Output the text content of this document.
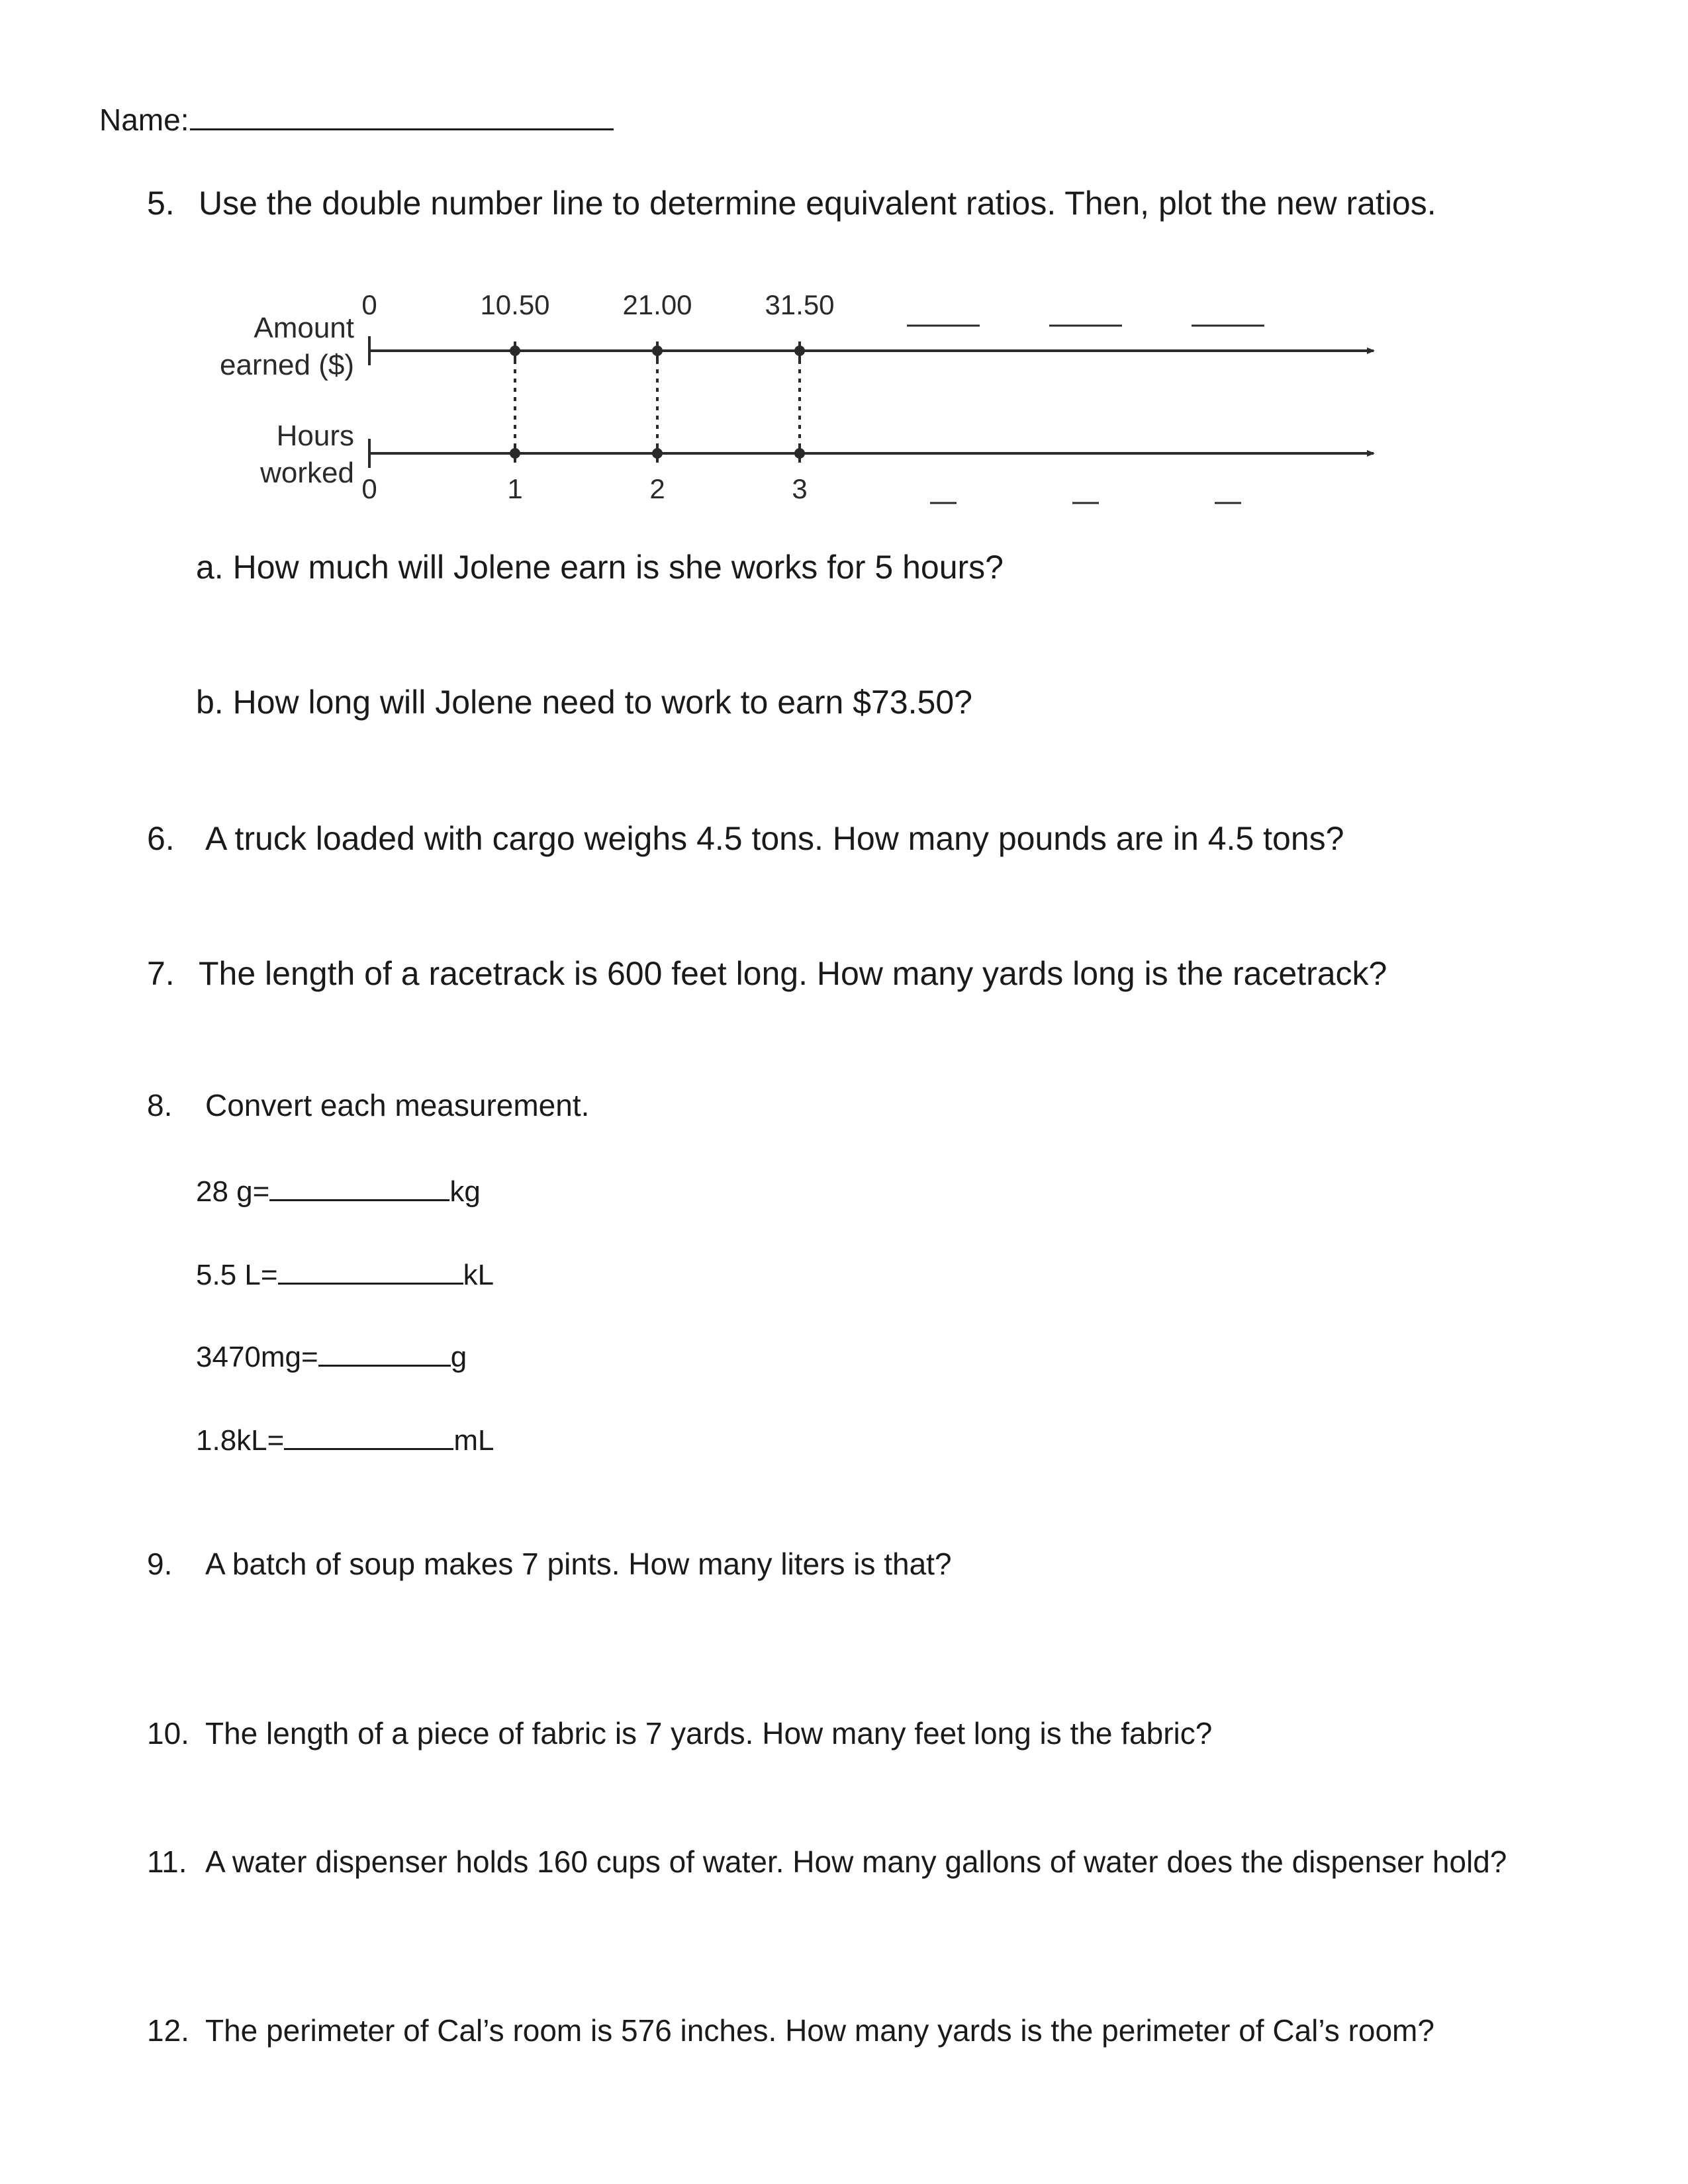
Name:
5. Use the double number line to determine equivalent ratios. Then, plot the new ratios.
Amount
earned ($)
Hours
worked
0	10.50	21.00	31.50
0	1	2	3
a. How much will Jolene earn is she works for 5 hours?
b. How long will Jolene need to work to earn $73.50?
6. A truck loaded with cargo weighs 4.5 tons. How many pounds are in 4.5 tons?
7. The length of a racetrack is 600 feet long. How many yards long is the racetrack?
8. Convert each measurement.
28 g=	kg
5.5 L=	kL
3470mg=	g
1.8kL=	mL
9. A batch of soup makes 7 pints. How many liters is that?
10. The length of a piece of fabric is 7 yards. How many feet long is the fabric?
11. A water dispenser holds 160 cups of water. How many gallons of water does the dispenser hold?
12. The perimeter of Cal’s room is 576 inches. How many yards is the perimeter of Cal’s room?
